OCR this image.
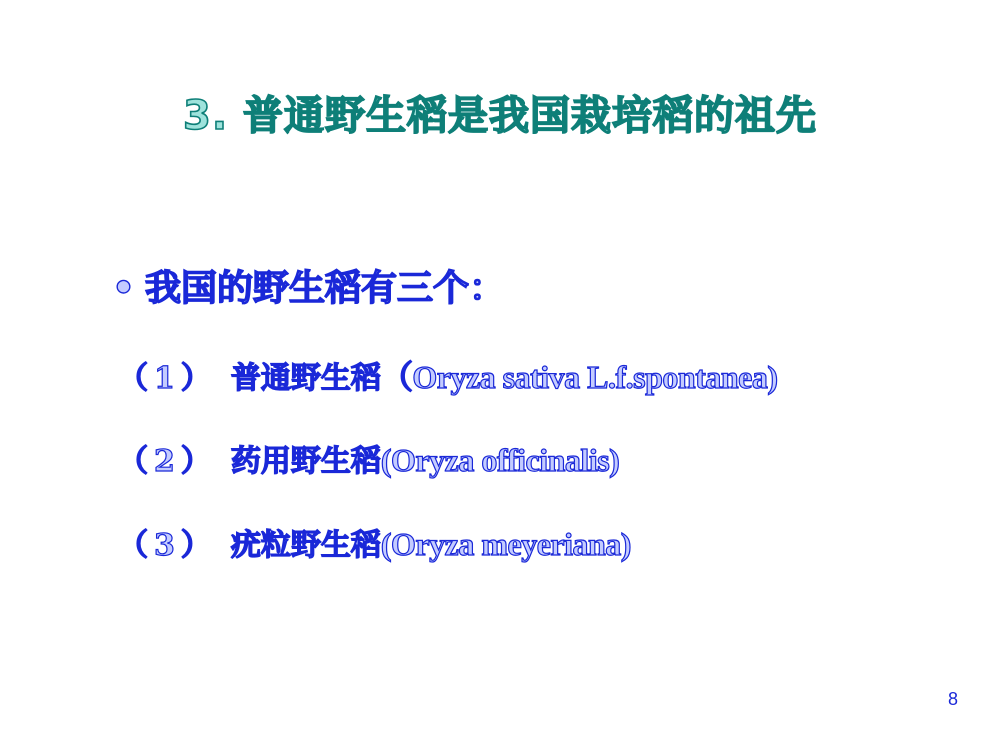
3. 普通野生稻是我国栽培稻的祖先
• 我国的野生稻有三个：
（1） 普通野生稻（Oryza sativa L.f.spontanea)
（2） 药用野生稻(Oryza officinalis)
（3） 疣粒野生稻(Oryza meyeriana)
8
